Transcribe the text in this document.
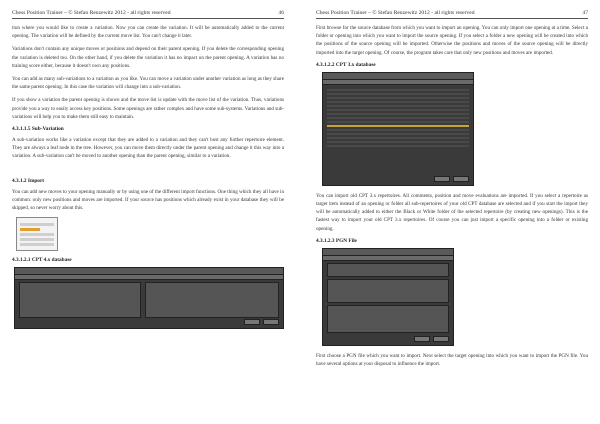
Chess Position Trainer – © Stefan Renzewitz 2012 - all rights reserved	46

tion where you would like to create a variation. Now you can create the variation. It will be automatically added to the current opening. The variation will be defined by the current move list. You can't change it later.

Variations don't contain any unique moves or positions and depend on their parent opening. If you delete the corresponding opening the variation is deleted too. On the other hand, if you delete the variation it has no impact on the parent opening. A variation has no training score either, because it doesn't own any positions.

You can add as many sub-variations to a variation as you like. You can move a variation under another variation as long as they share the same parent opening. In this case the variation will change into a sub-variation.

If you show a variation the parent opening is shown and the move list is update with the move list of the variation. Thus, variations provide you a way to easily access key positions. Some openings are rather complex and have some sub-systems. Variations and sub-variations will help you to make them still easy to maintain.

4.3.1.1.5 Sub-Variation

A sub-variation works like a variation except that they are added to a variation and they can't host any further repertoire element. They are always a leaf node in the tree. However, you can move them directly under the parent opening and change it this way into a variation. A sub-variation can't be moved to another opening than the parent opening, similar to a variation.

4.3.1.2 Import

You can add new moves to your opening manually or by using one of the different import functions. One thing which they all have in common: only new positions and moves are imported. If your source has positions which already exist in your database they will be skipped, so never worry about this.

4.3.1.2.1 CPT 4.x database
Chess Position Trainer – © Stefan Renzewitz 2012 - all rights reserved	47

First browse for the source database from which you want to import an opening. You can only import one opening at a time. Select a folder or opening into which you want to import the source opening. If you select a folder a new opening will be created into which the positions of the source opening will be imported. Otherwise the positions and moves of the source opening will be directly imported into the target opening. Of course, the program takes care that only new positions and moves are imported.

4.3.1.2.2 CPT 3.x database

You can import old CPT 3.x repertoires. All comments, position and move evaluations are imported. If you select a repertoire as target item instead of an opening or folder all sub-repertoires of your old CPT database are selected and if you start the import they will be automatically added to either the Black or White folder of the selected repertoire (by creating new openings). This is the fastest way to import your old CPT 3.x repertoires. Of course you can just import a specific opening into a folder or existing opening.

4.3.1.2.3 PGN File

First choose a PGN file which you want to import. Next select the target opening into which you want to import the PGN file. You have several options at your disposal to influence the import.
